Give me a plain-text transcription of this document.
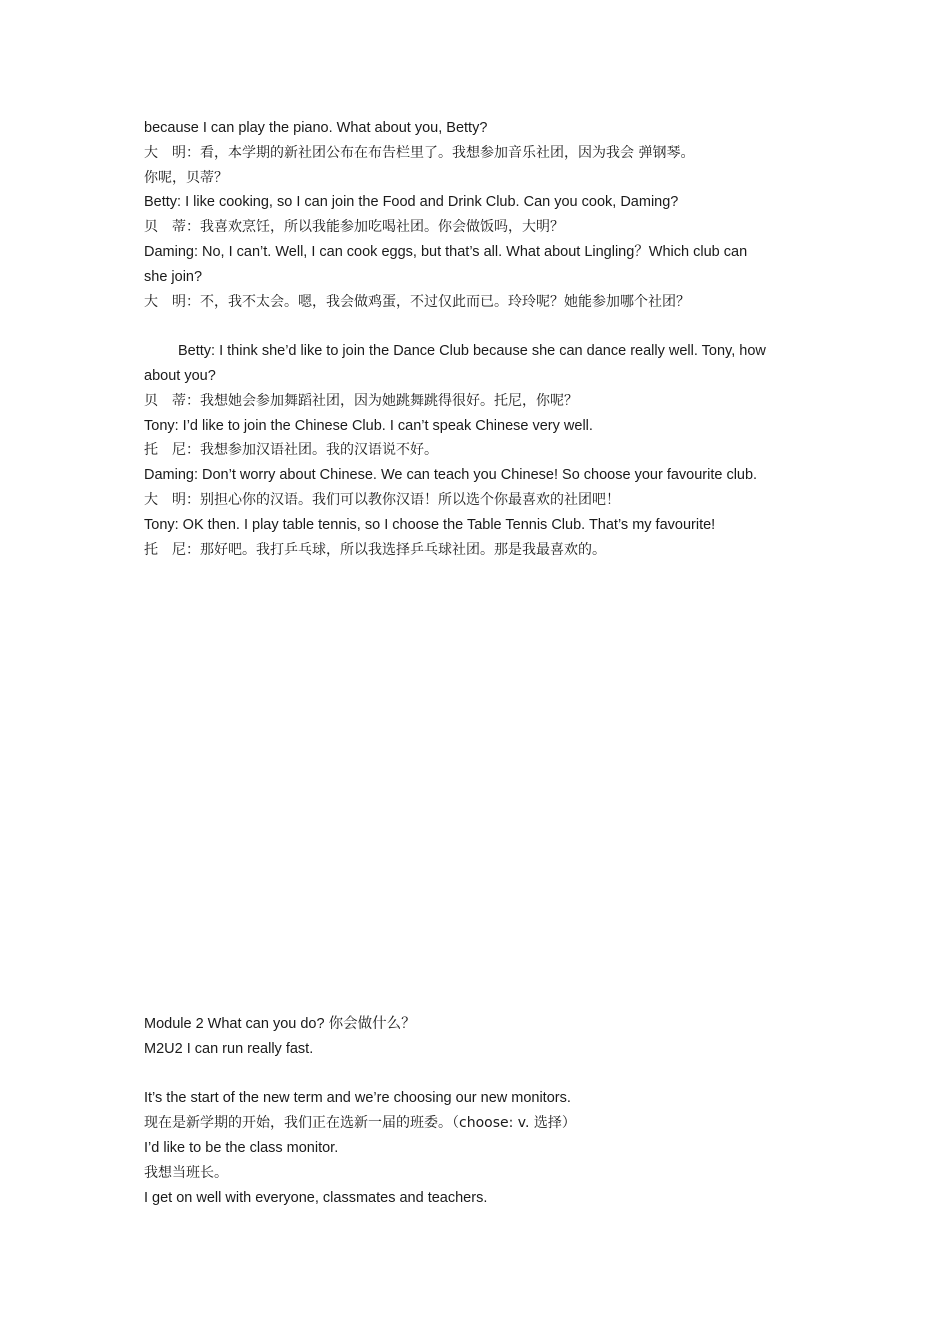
because I can play the piano. What about you, Betty?
大　明：看，本学期的新社团公布在布告栏里了。我想参加音乐社团，因为我会 弹钢琴。
你呢，贝蒂？
Betty: I like cooking, so I can join the Food and Drink Club. Can you cook, Daming?
贝　蒂：我喜欢烹饪，所以我能参加吃喝社团。你会做饭吗，大明？
Daming: No, I can’t. Well, I can cook eggs, but that’s all. What about Lingling？Which club can
she join?
大　明：不，我不太会。嗯，我会做鸡蛋，不过仅此而已。玲玲呢？她能参加哪个社团？
Betty: I think she’d like to join the Dance Club because she can dance really well. Tony, how
about you?
贝　蒂：我想她会参加舞蹈社团，因为她跳舞跳得很好。托尼，你呢？
Tony: I’d like to join the Chinese Club. I can’t speak Chinese very well.
托　尼：我想参加汉语社团。我的汉语说不好。
Daming: Don’t worry about Chinese. We can teach you Chinese! So choose your favourite club.
大　明：别担心你的汉语。我们可以教你汉语！所以选个你最喜欢的社团吧！
Tony: OK then. I play table tennis, so I choose the Table Tennis Club. That’s my favourite!
托　尼：那好吧。我打乒乓球，所以我选择乒乓球社团。那是我最喜欢的。
Module 2 What can you do? 你会做什么？
M2U2 I can run really fast.
It’s the start of the new term and we’re choosing our new monitors.
现在是新学期的开始，我们正在选新一届的班委。（choose: v. 选择）
I’d like to be the class monitor.
我想当班长。
I get on well with everyone, classmates and teachers.
